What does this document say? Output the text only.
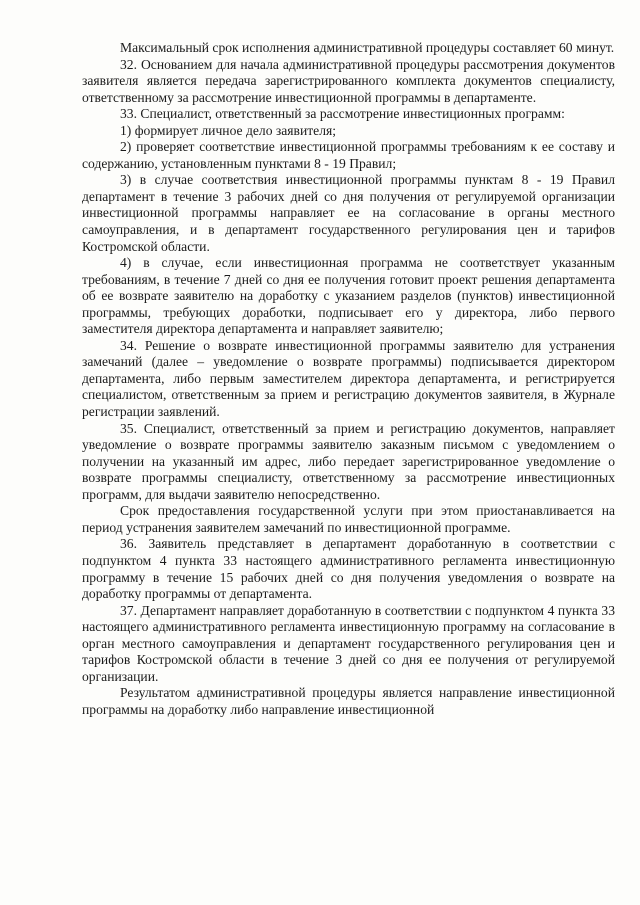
Максимальный срок исполнения административной процедуры составляет 60 минут.

32. Основанием для начала административной процедуры рассмотрения документов заявителя является передача зарегистрированного комплекта документов специалисту, ответственному за рассмотрение инвестиционной программы в департаменте.

33. Специалист, ответственный за рассмотрение инвестиционных программ:

1) формирует личное дело заявителя;

2) проверяет соответствие инвестиционной программы требованиям к ее составу и содержанию, установленным пунктами 8 - 19 Правил;

3) в случае соответствия инвестиционной программы пунктам 8 - 19 Правил департамент в течение 3 рабочих дней со дня получения от регулируемой организации инвестиционной программы направляет ее на согласование в органы местного самоуправления, и в департамент государственного регулирования цен и тарифов Костромской области.

4) в случае, если инвестиционная программа не соответствует указанным требованиям, в течение 7 дней со дня ее получения готовит проект решения департамента об ее возврате заявителю на доработку с указанием разделов (пунктов) инвестиционной программы, требующих доработки, подписывает его у директора, либо первого заместителя директора департамента и направляет заявителю;

34. Решение о возврате инвестиционной программы заявителю для устранения замечаний (далее – уведомление о возврате программы) подписывается директором департамента, либо первым заместителем директора департамента, и регистрируется специалистом, ответственным за прием и регистрацию документов заявителя, в Журнале регистрации заявлений.

35. Специалист, ответственный за прием и регистрацию документов, направляет уведомление о возврате программы заявителю заказным письмом с уведомлением о получении на указанный им адрес, либо передает зарегистрированное уведомление о возврате программы специалисту, ответственному за рассмотрение инвестиционных программ, для выдачи заявителю непосредственно.

Срок предоставления государственной услуги при этом приостанавливается на период устранения заявителем замечаний по инвестиционной программе.

36. Заявитель представляет в департамент доработанную в соответствии с подпунктом 4 пункта 33 настоящего административного регламента инвестиционную программу в течение 15 рабочих дней со дня получения уведомления о возврате на доработку программы от департамента.

37. Департамент направляет доработанную в соответствии с подпунктом 4 пункта 33 настоящего административного регламента инвестиционную программу на согласование в орган местного самоуправления и департамент государственного регулирования цен и тарифов Костромской области в течение 3 дней со дня ее получения от регулируемой организации.

Результатом административной процедуры является направление инвестиционной программы на доработку либо направление инвестиционной
